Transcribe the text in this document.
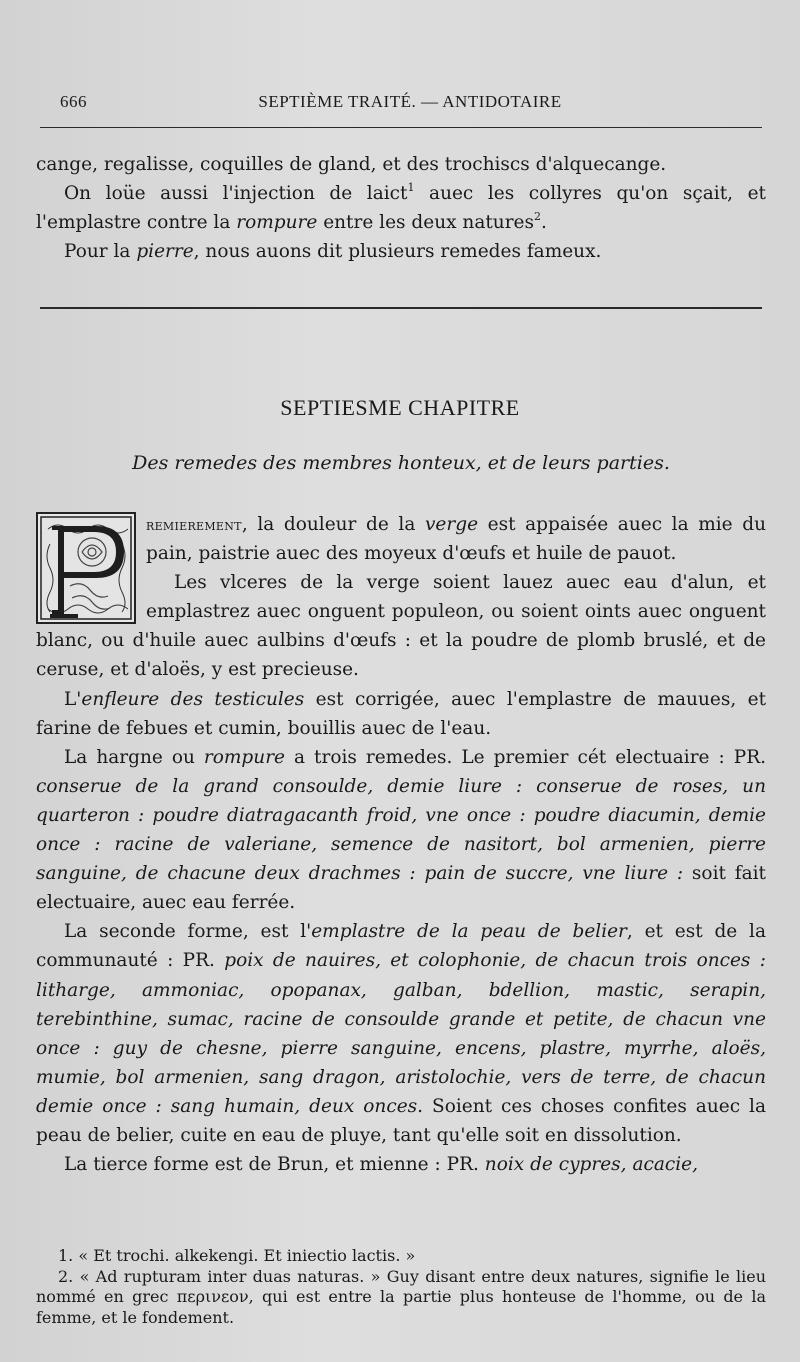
666	SEPTIÈME TRAITÉ. — ANTIDOTAIRE

cange, regalisse, coquilles de gland, et des trochiscs d'alquecange.

On loüe aussi l'injection de laict$^1$ auec les collyres qu'on sçait, et l'emplastre contre la rompure entre les deux natures$^2$.

Pour la pierre, nous auons dit plusieurs remedes fameux.

SEPTIESME CHAPITRE
Des remedes des membres honteux, et de leurs parties.

remierement, la douleur de la verge est appaisée auec la mie du pain, paistrie auec des moyeux d'œufs et huile de pauot.

Les vlceres de la verge soient lauez auec eau d'alun, et emplastrez auec onguent populeon, ou soient oints auec onguent blanc, ou d'huile auec aulbins d'œufs : et la poudre de plomb bruslé, et de ceruse, et d'aloës, y est precieuse.

L'enfleure des testicules est corrigée, auec l'emplastre de mauues, et farine de febues et cumin, bouillis auec de l'eau.

La hargne ou rompure a trois remedes. Le premier cét electuaire : PR. conserue de la grand consoulde, demie liure : conserue de roses, un quarteron : poudre diatragacanth froid, vne once : poudre diacumin, demie once : racine de valeriane, semence de nasitort, bol armenien, pierre sanguine, de chacune deux drachmes : pain de succre, vne liure : soit fait electuaire, auec eau ferrée.

La seconde forme, est l'emplastre de la peau de belier, et est de la communauté : PR. poix de nauires, et colophonie, de chacun trois onces : litharge, ammoniac, opopanax, galban, bdellion, mastic, serapin, terebinthine, sumac, racine de consoulde grande et petite, de chacun vne once : guy de chesne, pierre sanguine, encens, plastre, myrrhe, aloës, mumie, bol armenien, sang dragon, aristolochie, vers de terre, de chacun demie once : sang humain, deux onces. Soient ces choses confites auec la peau de belier, cuite en eau de pluye, tant qu'elle soit en dissolution.

La tierce forme est de Brun, et mienne : PR. noix de cypres, acacie,

1. « Et trochi. alkekengi. Et iniectio lactis. »

2. « Ad rupturam inter duas naturas. » Guy disant entre deux natures, signifie le lieu nommé en grec περινεον, qui est entre la partie plus honteuse de l'homme, ou de la femme, et le fondement.
